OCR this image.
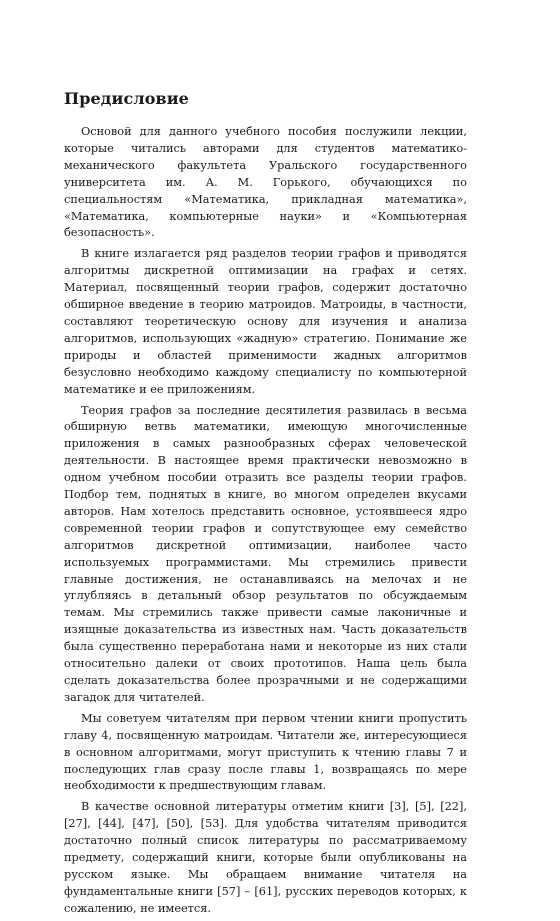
Предисловие

Основой для данного учебного пособия послужили лекции, которые читались авторами для студентов математико-механического факультета Уральского государственного университета им. А. М. Горького, обучающихся по специальностям «Математика, прикладная математика», «Математика, компьютерные науки» и «Компьютерная безопасность».

В книге излагается ряд разделов теории графов и приводятся алгоритмы дискретной оптимизации на графах и сетях. Материал, посвященный теории графов, содержит достаточно обширное введение в теорию матроидов. Матроиды, в частности, составляют теоретическую основу для изучения и анализа алгоритмов, использующих «жадную» стратегию. Понимание же природы и областей применимости жадных алгоритмов безусловно необходимо каждому специалисту по компьютерной математике и ее приложениям.

Теория графов за последние десятилетия развилась в весьма обширную ветвь математики, имеющую многочисленные приложения в самых разнообразных сферах человеческой деятельности. В настоящее время практически невозможно в одном учебном пособии отразить все разделы теории графов. Подбор тем, поднятых в книге, во многом определен вкусами авторов. Нам хотелось представить основное, устоявшееся ядро современной теории графов и сопутствующее ему семейство алгоритмов дискретной оптимизации, наиболее часто используемых программистами. Мы стремились привести главные достижения, не останавливаясь на мелочах и не углубляясь в детальный обзор результатов по обсуждаемым темам. Мы стремились также привести самые лаконичные и изящные доказательства из известных нам. Часть доказательств была существенно переработана нами и некоторые из них стали относительно далеки от своих прототипов. Наша цель была сделать доказательства более прозрачными и не содержащими загадок для читателей.

Мы советуем читателям при первом чтении книги пропустить главу 4, посвященную матроидам. Читатели же, интересующиеся в основном алгоритмами, могут приступить к чтению главы 7 и последующих глав сразу после главы 1, возвращаясь по мере необходимости к предшествующим главам.

В качестве основной литературы отметим книги [3], [5], [22], [27], [44], [47], [50], [53]. Для удобства читателям приводится достаточно полный список литературы по рассматриваемому предмету, содержащий книги, которые были опубликованы на русском языке. Мы обращаем внимание читателя на фундаментальные книги [57] – [61], русских переводов которых, к сожалению, не имеется.
